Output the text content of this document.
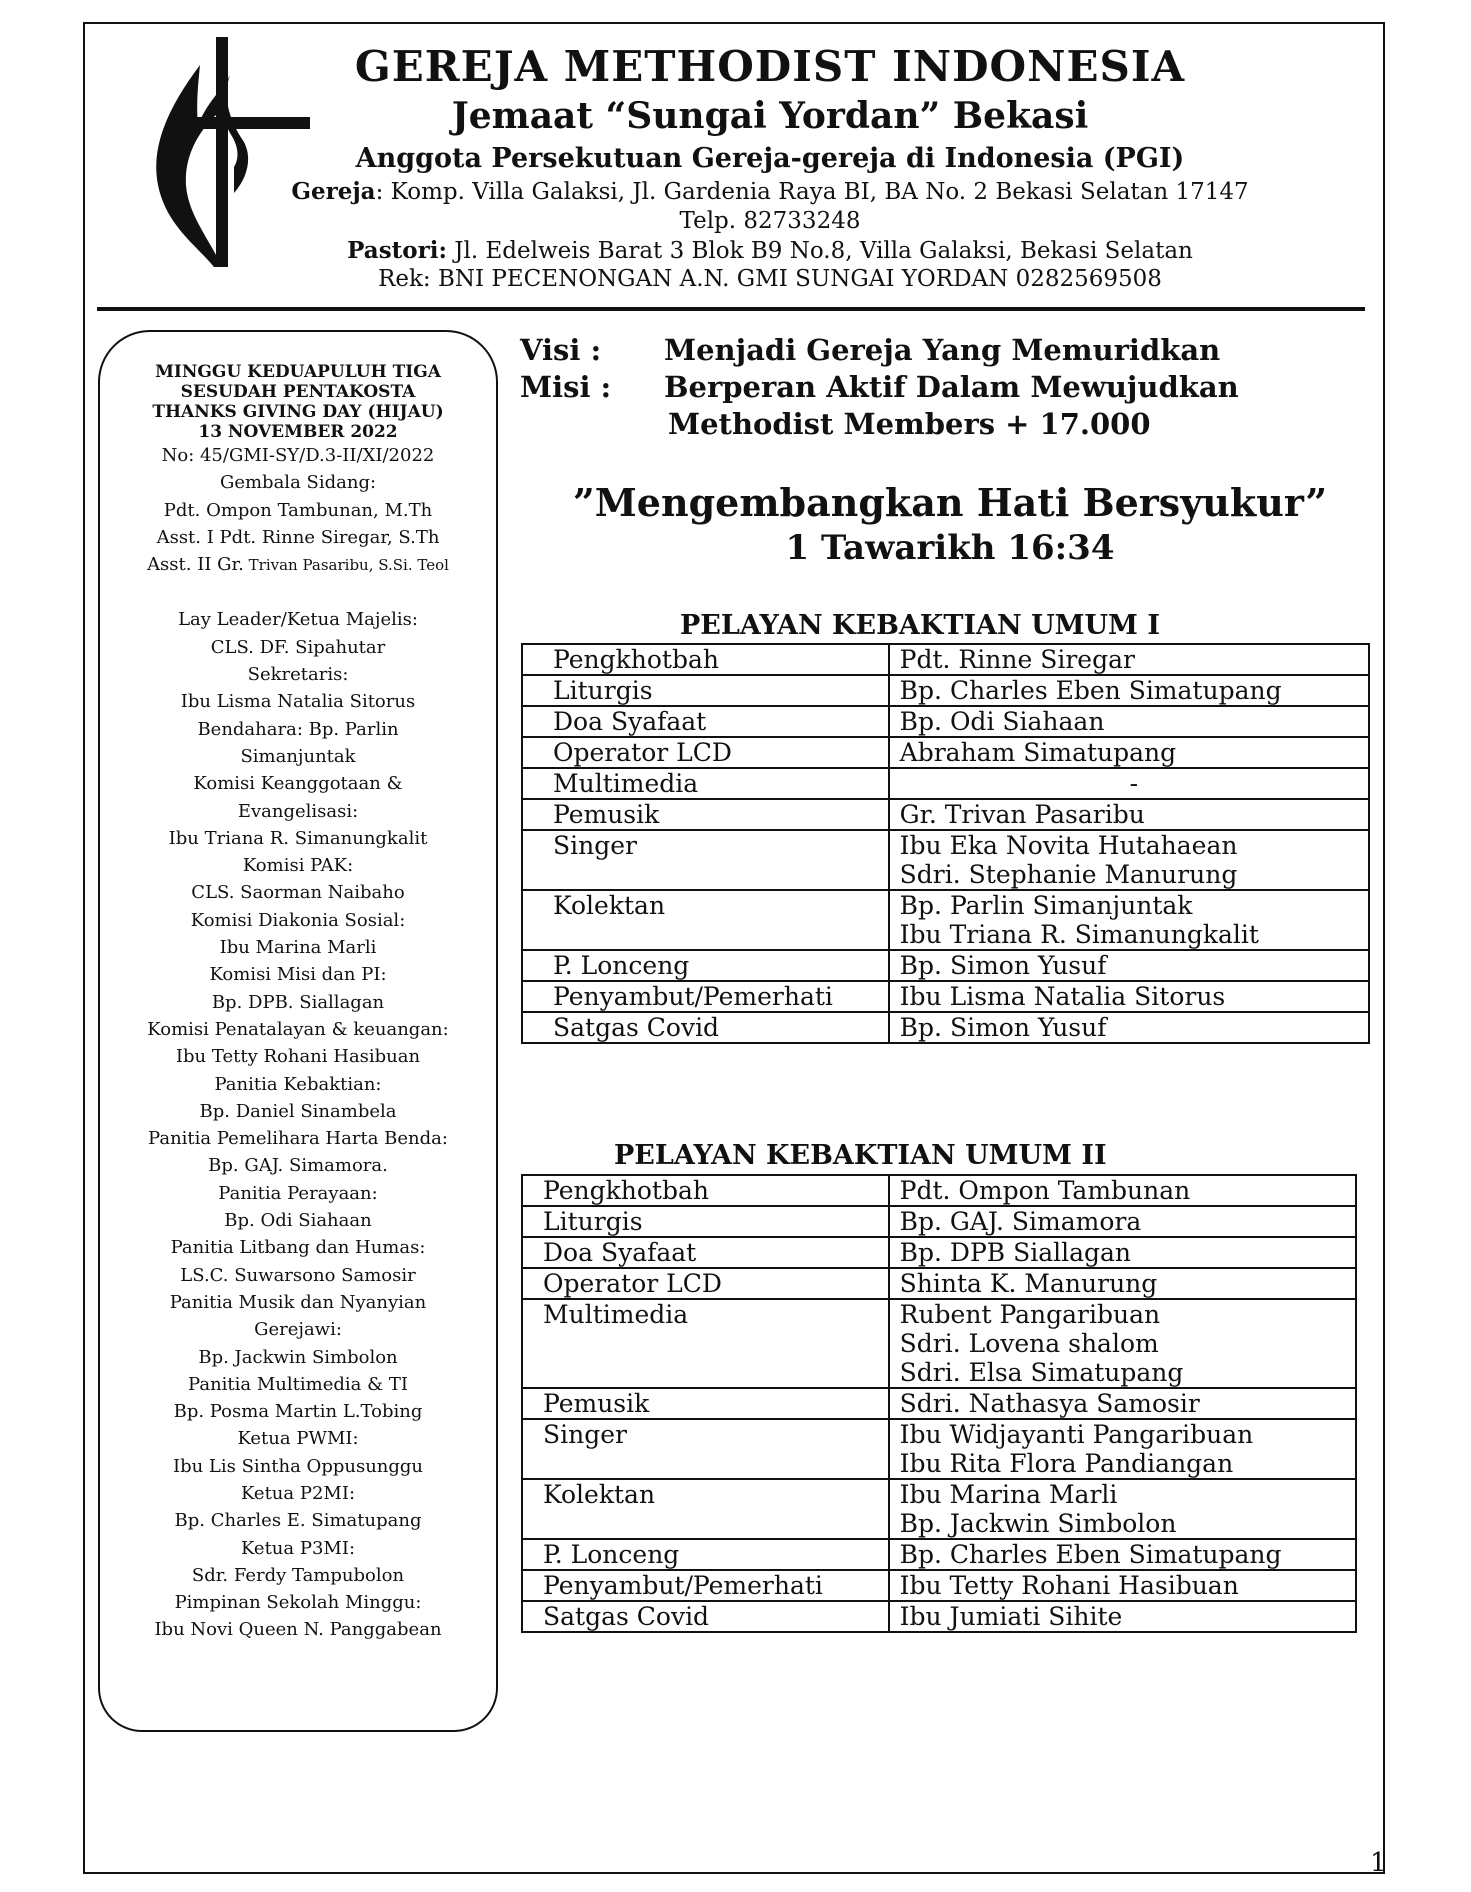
GEREJA METHODIST INDONESIA
Jemaat “Sungai Yordan” Bekasi
Anggota Persekutuan Gereja-gereja di Indonesia (PGI)
Gereja: Komp. Villa Galaksi, Jl. Gardenia Raya BI, BA No. 2 Bekasi Selatan 17147
Telp. 82733248
Pastori: Jl. Edelweis Barat 3 Blok B9 No.8, Villa Galaksi, Bekasi Selatan
Rek: BNI PECENONGAN A.N. GMI SUNGAI YORDAN 0282569508
MINGGU KEDUAPULUH TIGA
SESUDAH PENTAKOSTA
THANKS GIVING DAY (HIJAU)
13 NOVEMBER 2022
No: 45/GMI-SY/D.3-II/XI/2022
Gembala Sidang:
Pdt. Ompon Tambunan, M.Th
Asst. I Pdt. Rinne Siregar, S.Th
Asst. II Gr. Trivan Pasaribu, S.Si. Teol
Lay Leader/Ketua Majelis:
CLS. DF. Sipahutar
Sekretaris:
Ibu Lisma Natalia Sitorus
Bendahara: Bp. Parlin
Simanjuntak
Komisi Keanggotaan &
Evangelisasi:
Ibu Triana R. Simanungkalit
Komisi PAK:
CLS. Saorman Naibaho
Komisi Diakonia Sosial:
Ibu Marina Marli
Komisi Misi dan PI:
Bp. DPB. Siallagan
Komisi Penatalayan & keuangan:
Ibu Tetty Rohani Hasibuan
Panitia Kebaktian:
Bp. Daniel Sinambela
Panitia Pemelihara Harta Benda:
Bp. GAJ. Simamora.
Panitia Perayaan:
Bp. Odi Siahaan
Panitia Litbang dan Humas:
LS.C. Suwarsono Samosir
Panitia Musik dan Nyanyian
Gerejawi:
Bp. Jackwin Simbolon
Panitia Multimedia & TI
Bp. Posma Martin L.Tobing
Ketua PWMI:
Ibu Lis Sintha Oppusunggu
Ketua P2MI:
Bp. Charles E. Simatupang
Ketua P3MI:
Sdr. Ferdy Tampubolon
Pimpinan Sekolah Minggu:
Ibu Novi Queen N. Panggabean
Visi : Menjadi Gereja Yang Memuridkan
Misi : Berperan Aktif Dalam Mewujudkan
Methodist Members + 17.000
”Mengembangkan Hati Bersyukur”
1 Tawarikh 16:34
PELAYAN KEBAKTIAN UMUM I
Pengkhotbah	Pdt. Rinne Siregar

Liturgis	Bp. Charles Eben Simatupang

Doa Syafaat	Bp. Odi Siahaan

Operator LCD	Abraham Simatupang

Multimedia	-

Pemusik	Gr. Trivan Pasaribu

Singer	Ibu Eka Novita Hutahaean
Sdri. Stephanie Manurung

Kolektan	Bp. Parlin Simanjuntak
Ibu Triana R. Simanungkalit

P. Lonceng	Bp. Simon Yusuf

Penyambut/Pemerhati	Ibu Lisma Natalia Sitorus

Satgas Covid	Bp. Simon Yusuf
PELAYAN KEBAKTIAN UMUM II
Pengkhotbah	Pdt. Ompon Tambunan

Liturgis	Bp. GAJ. Simamora

Doa Syafaat	Bp. DPB Siallagan

Operator LCD	Shinta K. Manurung

Multimedia	Rubent Pangaribuan
Sdri. Lovena shalom
Sdri. Elsa Simatupang

Pemusik	Sdri. Nathasya Samosir

Singer	Ibu Widjayanti Pangaribuan
Ibu Rita Flora Pandiangan

Kolektan	Ibu Marina Marli
Bp. Jackwin Simbolon

P. Lonceng	Bp. Charles Eben Simatupang

Penyambut/Pemerhati	Ibu Tetty Rohani Hasibuan

Satgas Covid	Ibu Jumiati Sihite
1
